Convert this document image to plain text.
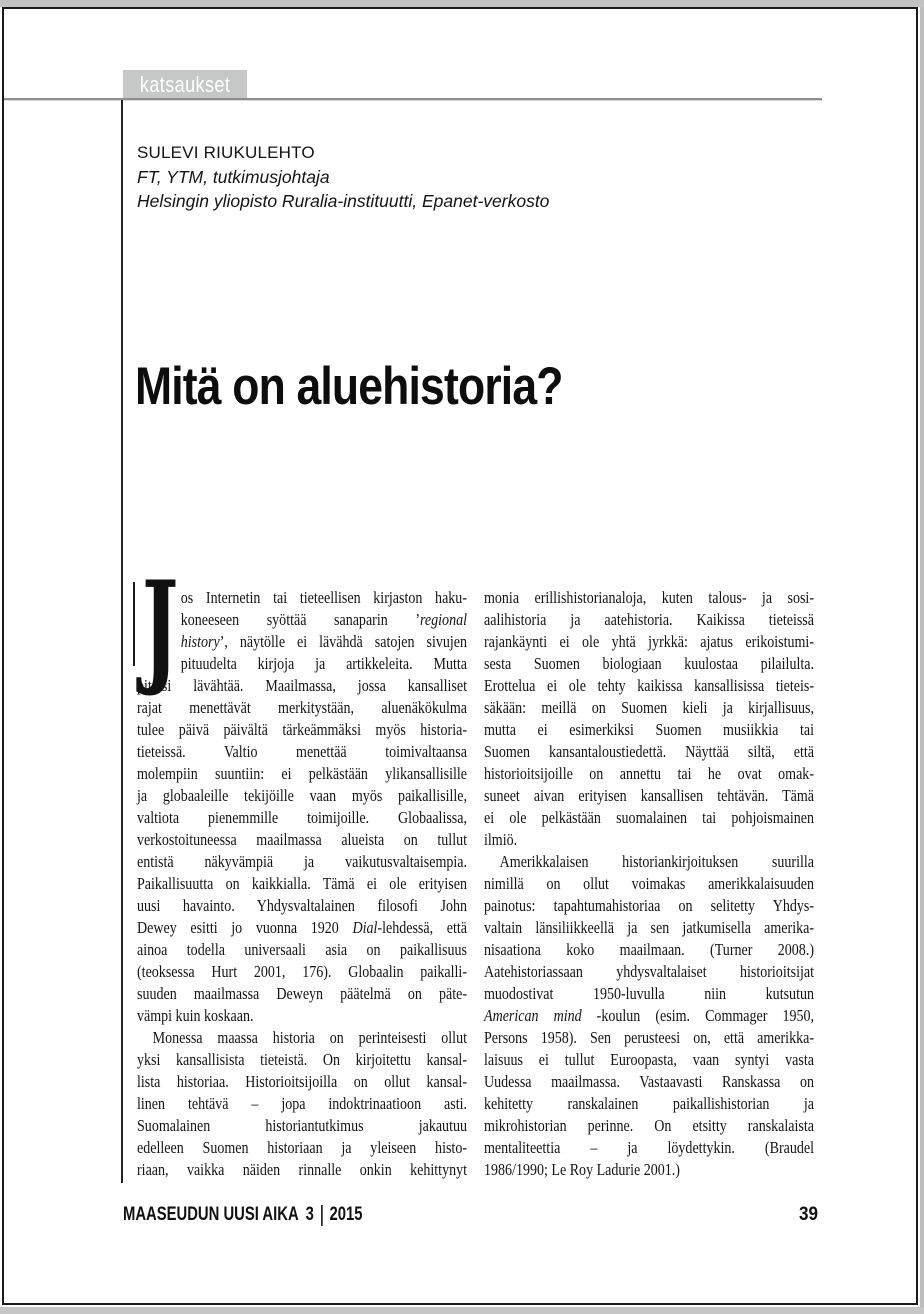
katsaukset
SULEVI RIUKULEHTO
FT, YTM, tutkimusjohtaja
Helsingin yliopisto Ruralia-instituutti, Epanet-verkosto
Mitä on aluehistoria?
J os Internetin tai tieteellisen kirjaston haku-
koneeseen syöttää sanaparin ’regional
history’, näytölle ei lävähdä satojen sivujen
pituudelta kirjoja ja artikkeleita. Mutta
pitäisi lävähtää. Maailmassa, jossa kansalliset
rajat menettävät merkitystään, aluenäkökulma
tulee päivä päivältä tärkeämmäksi myös historia-
tieteissä. Valtio menettää toimivaltaansa
molempiin suuntiin: ei pelkästään ylikansallisille
ja globaaleille tekijöille vaan myös paikallisille,
valtiota pienemmille toimijoille. Globaalissa,
verkostoituneessa maailmassa alueista on tullut
entistä näkyvämpiä ja vaikutusvaltaisempia.
Paikallisuutta on kaikkialla. Tämä ei ole erityisen
uusi havainto. Yhdysvaltalainen filosofi John
Dewey esitti jo vuonna 1920 Dial-lehdessä, että
ainoa todella universaali asia on paikallisuus
(teoksessa Hurt 2001, 176). Globaalin paikalli-
suuden maailmassa Deweyn päätelmä on päte-
vämpi kuin koskaan.
Monessa maassa historia on perinteisesti ollut
yksi kansallisista tieteistä. On kirjoitettu kansal-
lista historiaa. Historioitsijoilla on ollut kansal-
linen tehtävä – jopa indoktrinaatioon asti.
Suomalainen historiantutkimus jakautuu
edelleen Suomen historiaan ja yleiseen histo-
riaan, vaikka näiden rinnalle onkin kehittynyt
monia erillishistorianaloja, kuten talous- ja sosi-
aalihistoria ja aatehistoria. Kaikissa tieteissä
rajankäynti ei ole yhtä jyrkkä: ajatus erikoistumi-
sesta Suomen biologiaan kuulostaa pilailulta.
Erottelua ei ole tehty kaikissa kansallisissa tieteis-
säkään: meillä on Suomen kieli ja kirjallisuus,
mutta ei esimerkiksi Suomen musiikkia tai
Suomen kansantaloustiedettä. Näyttää siltä, että
historioitsijoille on annettu tai he ovat omak-
suneet aivan erityisen kansallisen tehtävän. Tämä
ei ole pelkästään suomalainen tai pohjoismainen
ilmiö.
Amerikkalaisen historiankirjoituksen suurilla
nimillä on ollut voimakas amerikkalaisuuden
painotus: tapahtumahistoriaa on selitetty Yhdys-
valtain länsiliikkeellä ja sen jatkumisella amerika-
nisaationa koko maailmaan. (Turner 2008.)
Aatehistoriassaan yhdysvaltalaiset historioitsijat
muodostivat 1950-luvulla niin kutsutun
American mind -koulun (esim. Commager 1950,
Persons 1958). Sen perusteesi on, että amerikka-
laisuus ei tullut Euroopasta, vaan syntyi vasta
Uudessa maailmassa. Vastaavasti Ranskassa on
kehitetty ranskalainen paikallishistorian ja
mikrohistorian perinne. On etsitty ranskalaista
mentaliteettia – ja löydettykin. (Braudel
1986/1990; Le Roy Ladurie 2001.)
MAASEUDUN UUSI AIKA 3 2015	39
